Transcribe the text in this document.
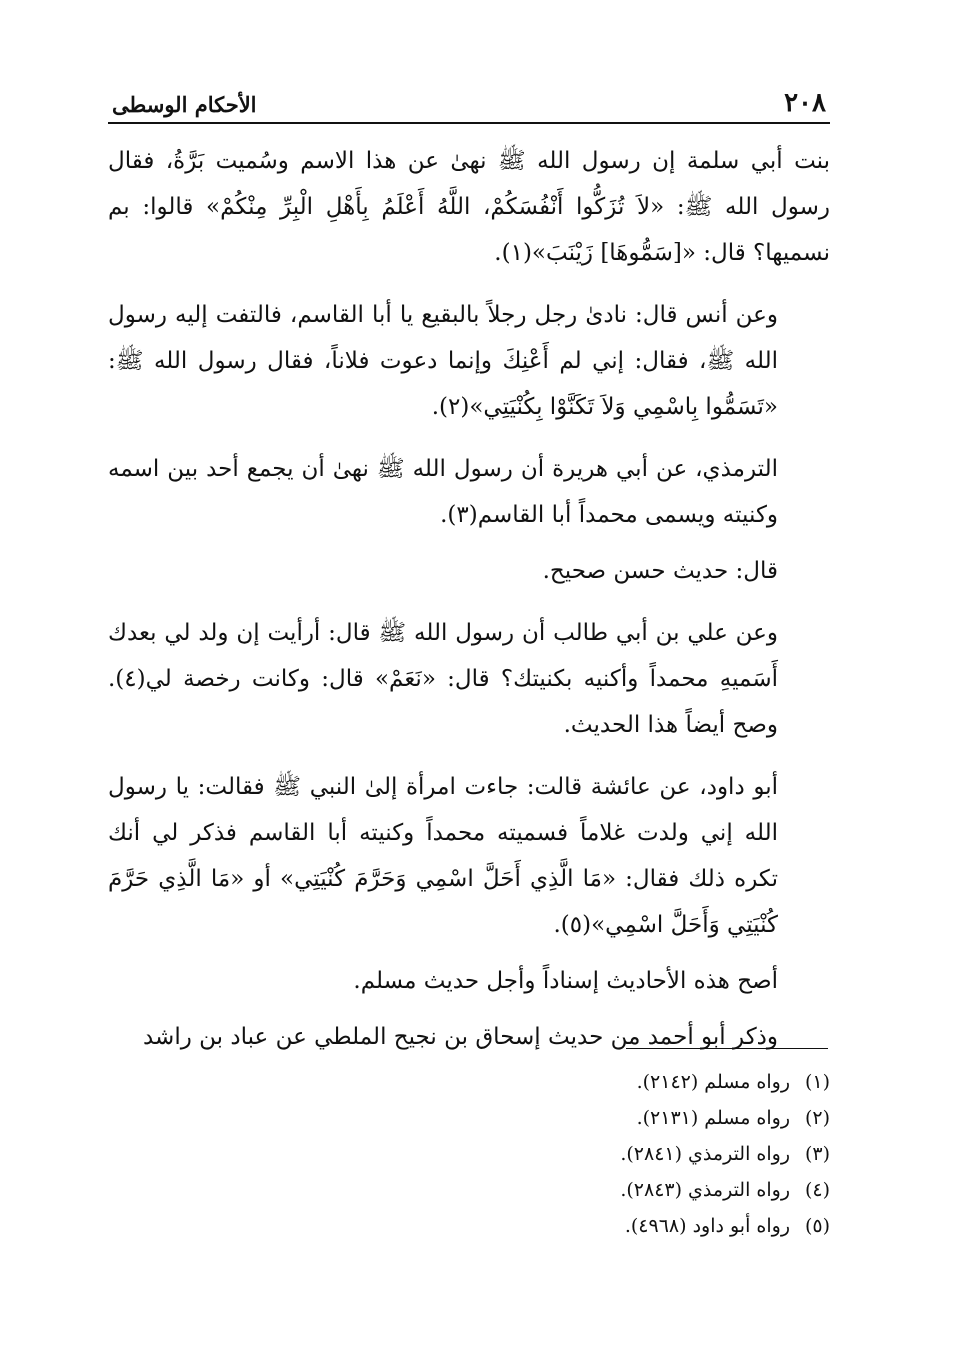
٢٠٨
الأحكام الوسطى

بنت أبي سلمة إن رسول الله ﷺ نهىٰ عن هذا الاسم وسُميت بَرَّةُ، فقال رسول الله ﷺ: «لاَ تُزَكُّوا أَنْفُسَكُمْ، اللَّهُ أَعْلَمُ بِأَهْلِ الْبِرِّ مِنْكُمْ» قالوا: بم نسميها؟ قال: «[سَمُّوهَا] زَيْنَبَ»(١).

وعن أنس قال: نادىٰ رجل رجلاً بالبقيع يا أبا القاسم، فالتفت إليه رسول الله ﷺ، فقال: إني لم أَعْنِكَ وإنما دعوت فلاناً، فقال رسول الله ﷺ: «تَسَمُّوا بِاسْمِي وَلاَ تَكَنَّوْا بِكُنْيَتِي»(٢).

الترمذي، عن أبي هريرة أن رسول الله ﷺ نهىٰ أن يجمع أحد بين اسمه وكنيته ويسمى محمداً أبا القاسم(٣).

قال: حديث حسن صحيح.

وعن علي بن أبي طالب أن رسول الله ﷺ قال: أرأيت إن ولد لي بعدك أَسَميهِ محمداً وأكنيه بكنيتك؟ قال: «نَعَمْ» قال: وكانت رخصة لي(٤). وصح أيضاً هذا الحديث.

أبو داود، عن عائشة قالت: جاءت امرأة إلىٰ النبي ﷺ فقالت: يا رسول الله إني ولدت غلاماً فسميته محمداً وكنيته أبا القاسم فذكر لي أنك تكره ذلك فقال: «مَا الَّذِي أَحَلَّ اسْمِي وَحَرَّمَ كُنْيَتِي» أو «مَا الَّذِي حَرَّمَ كُنْيَتِي وَأَحَلَّ اسْمِي»(٥).

أصح هذه الأحاديث إسناداً وأجل حديث مسلم.

وذكر أبو أحمد من حديث إسحاق بن نجيح الملطي عن عباد بن راشد

(١)رواه مسلم (٢١٤٢).
(٢)رواه مسلم (٢١٣١).
(٣)رواه الترمذي (٢٨٤١).
(٤)رواه الترمذي (٢٨٤٣).
(٥)رواه أبو داود (٤٩٦٨).
